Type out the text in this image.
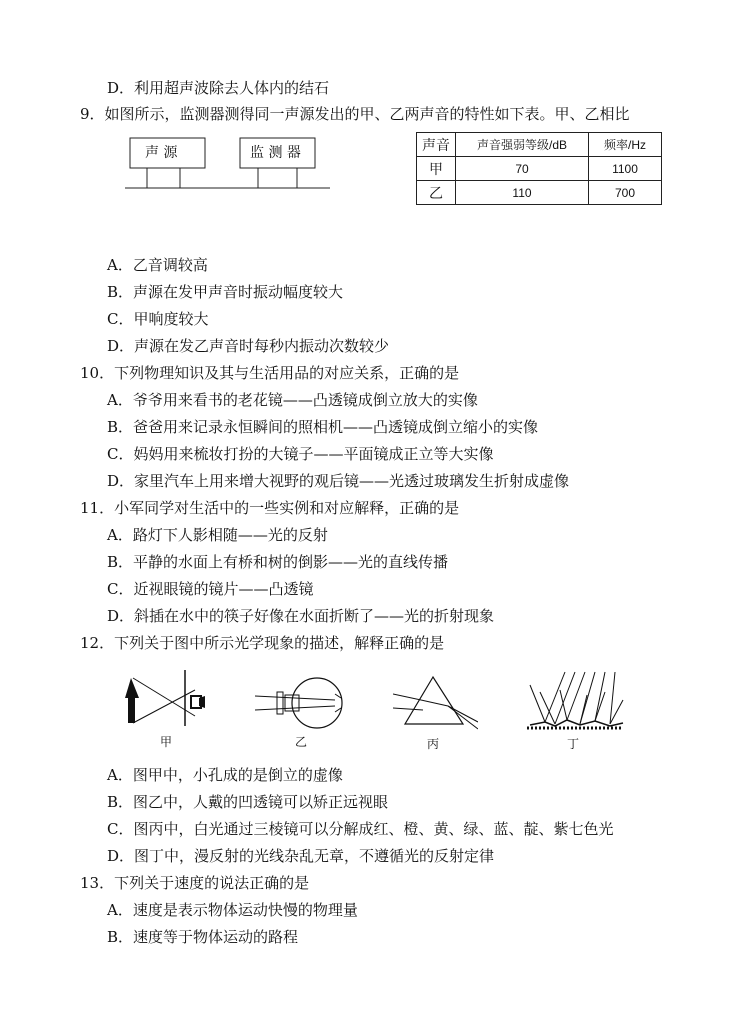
D．利用超声波除去人体内的结石
9．如图所示，监测器测得同一声源发出的甲、乙两声音的特性如下表。甲、乙相比
声 源	监 测 器
声音	声音强弱等级/dB	频率/Hz
甲	70	1100
乙	110	700
A．乙音调较高
B．声源在发甲声音时振动幅度较大
C．甲响度较大
D．声源在发乙声音时每秒内振动次数较少
10．下列物理知识及其与生活用品的对应关系，正确的是
A．爷爷用来看书的老花镜——凸透镜成倒立放大的实像
B．爸爸用来记录永恒瞬间的照相机——凸透镜成倒立缩小的实像
C．妈妈用来梳妆打扮的大镜子——平面镜成正立等大实像
D．家里汽车上用来增大视野的观后镜——光透过玻璃发生折射成虚像
11．小军同学对生活中的一些实例和对应解释，正确的是
A．路灯下人影相随——光的反射
B．平静的水面上有桥和树的倒影——光的直线传播
C．近视眼镜的镜片——凸透镜
D．斜插在水中的筷子好像在水面折断了——光的折射现象
12．下列关于图中所示光学现象的描述，解释正确的是
甲	乙	丙	丁
A．图甲中，小孔成的是倒立的虚像
B．图乙中，人戴的凹透镜可以矫正远视眼
C．图丙中，白光通过三棱镜可以分解成红、橙、黄、绿、蓝、靛、紫七色光
D．图丁中，漫反射的光线杂乱无章，不遵循光的反射定律
13．下列关于速度的说法正确的是
A．速度是表示物体运动快慢的物理量
B．速度等于物体运动的路程
